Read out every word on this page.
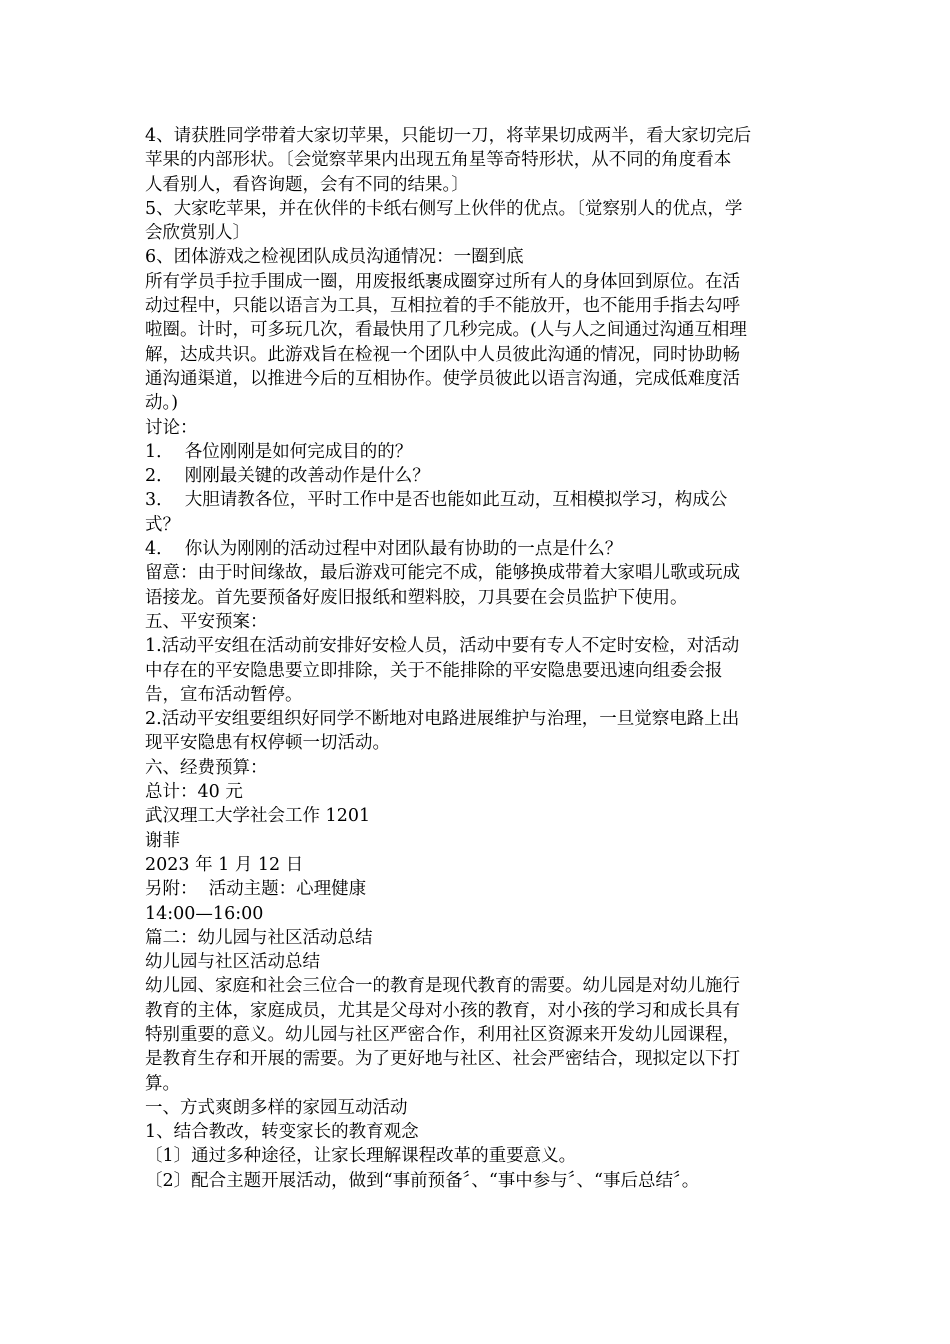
4、请获胜同学带着大家切苹果，只能切一刀，将苹果切成两半，看大家切完后
苹果的内部形状。〔会觉察苹果内出现五角星等奇特形状，从不同的角度看本
人看别人，看咨询题，会有不同的结果。〕
5、大家吃苹果，并在伙伴的卡纸右侧写上伙伴的优点。〔觉察别人的优点，学
会欣赏别人〕
6、团体游戏之检视团队成员沟通情况：一圈到底
所有学员手拉手围成一圈，用废报纸裹成圈穿过所有人的身体回到原位。在活
动过程中，只能以语言为工具，互相拉着的手不能放开，也不能用手指去勾呼
啦圈。计时，可多玩几次，看最快用了几秒完成。(人与人之间通过沟通互相理
解，达成共识。此游戏旨在检视一个团队中人员彼此沟通的情况，同时协助畅
通沟通渠道，以推进今后的互相协作。使学员彼此以语言沟通，完成低难度活
动。)
讨论：
1．  各位刚刚是如何完成目的的？
2．  刚刚最关键的改善动作是什么？
3．  大胆请教各位，平时工作中是否也能如此互动，互相模拟学习，构成公
式？
4．  你认为刚刚的活动过程中对团队最有协助的一点是什么？
留意：由于时间缘故，最后游戏可能完不成，能够换成带着大家唱儿歌或玩成
语接龙。首先要预备好废旧报纸和塑料胶，刀具要在会员监护下使用。
五、平安预案：
1.活动平安组在活动前安排好安检人员，活动中要有专人不定时安检，对活动
中存在的平安隐患要立即排除，关于不能排除的平安隐患要迅速向组委会报
告，宣布活动暂停。
2.活动平安组要组织好同学不断地对电路进展维护与治理，一旦觉察电路上出
现平安隐患有权停顿一切活动。
六、经费预算：
总计：40 元
武汉理工大学社会工作 1201
谢菲
2023 年 1 月 12 日
另附：  活动主题：心理健康
14:00—16:00
篇二：幼儿园与社区活动总结
幼儿园与社区活动总结
幼儿园、家庭和社会三位合一的教育是现代教育的需要。幼儿园是对幼儿施行
教育的主体，家庭成员，尤其是父母对小孩的教育，对小孩的学习和成长具有
特别重要的意义。幼儿园与社区严密合作，利用社区资源来开发幼儿园课程，
是教育生存和开展的需要。为了更好地与社区、社会严密结合，现拟定以下打
算。
一、方式爽朗多样的家园互动活动
1、结合教改，转变家长的教育观念
〔1〕通过多种途径，让家长理解课程改革的重要意义。
〔2〕配合主题开展活动，做到“事前预备〞、“事中参与〞、“事后总结〞。
